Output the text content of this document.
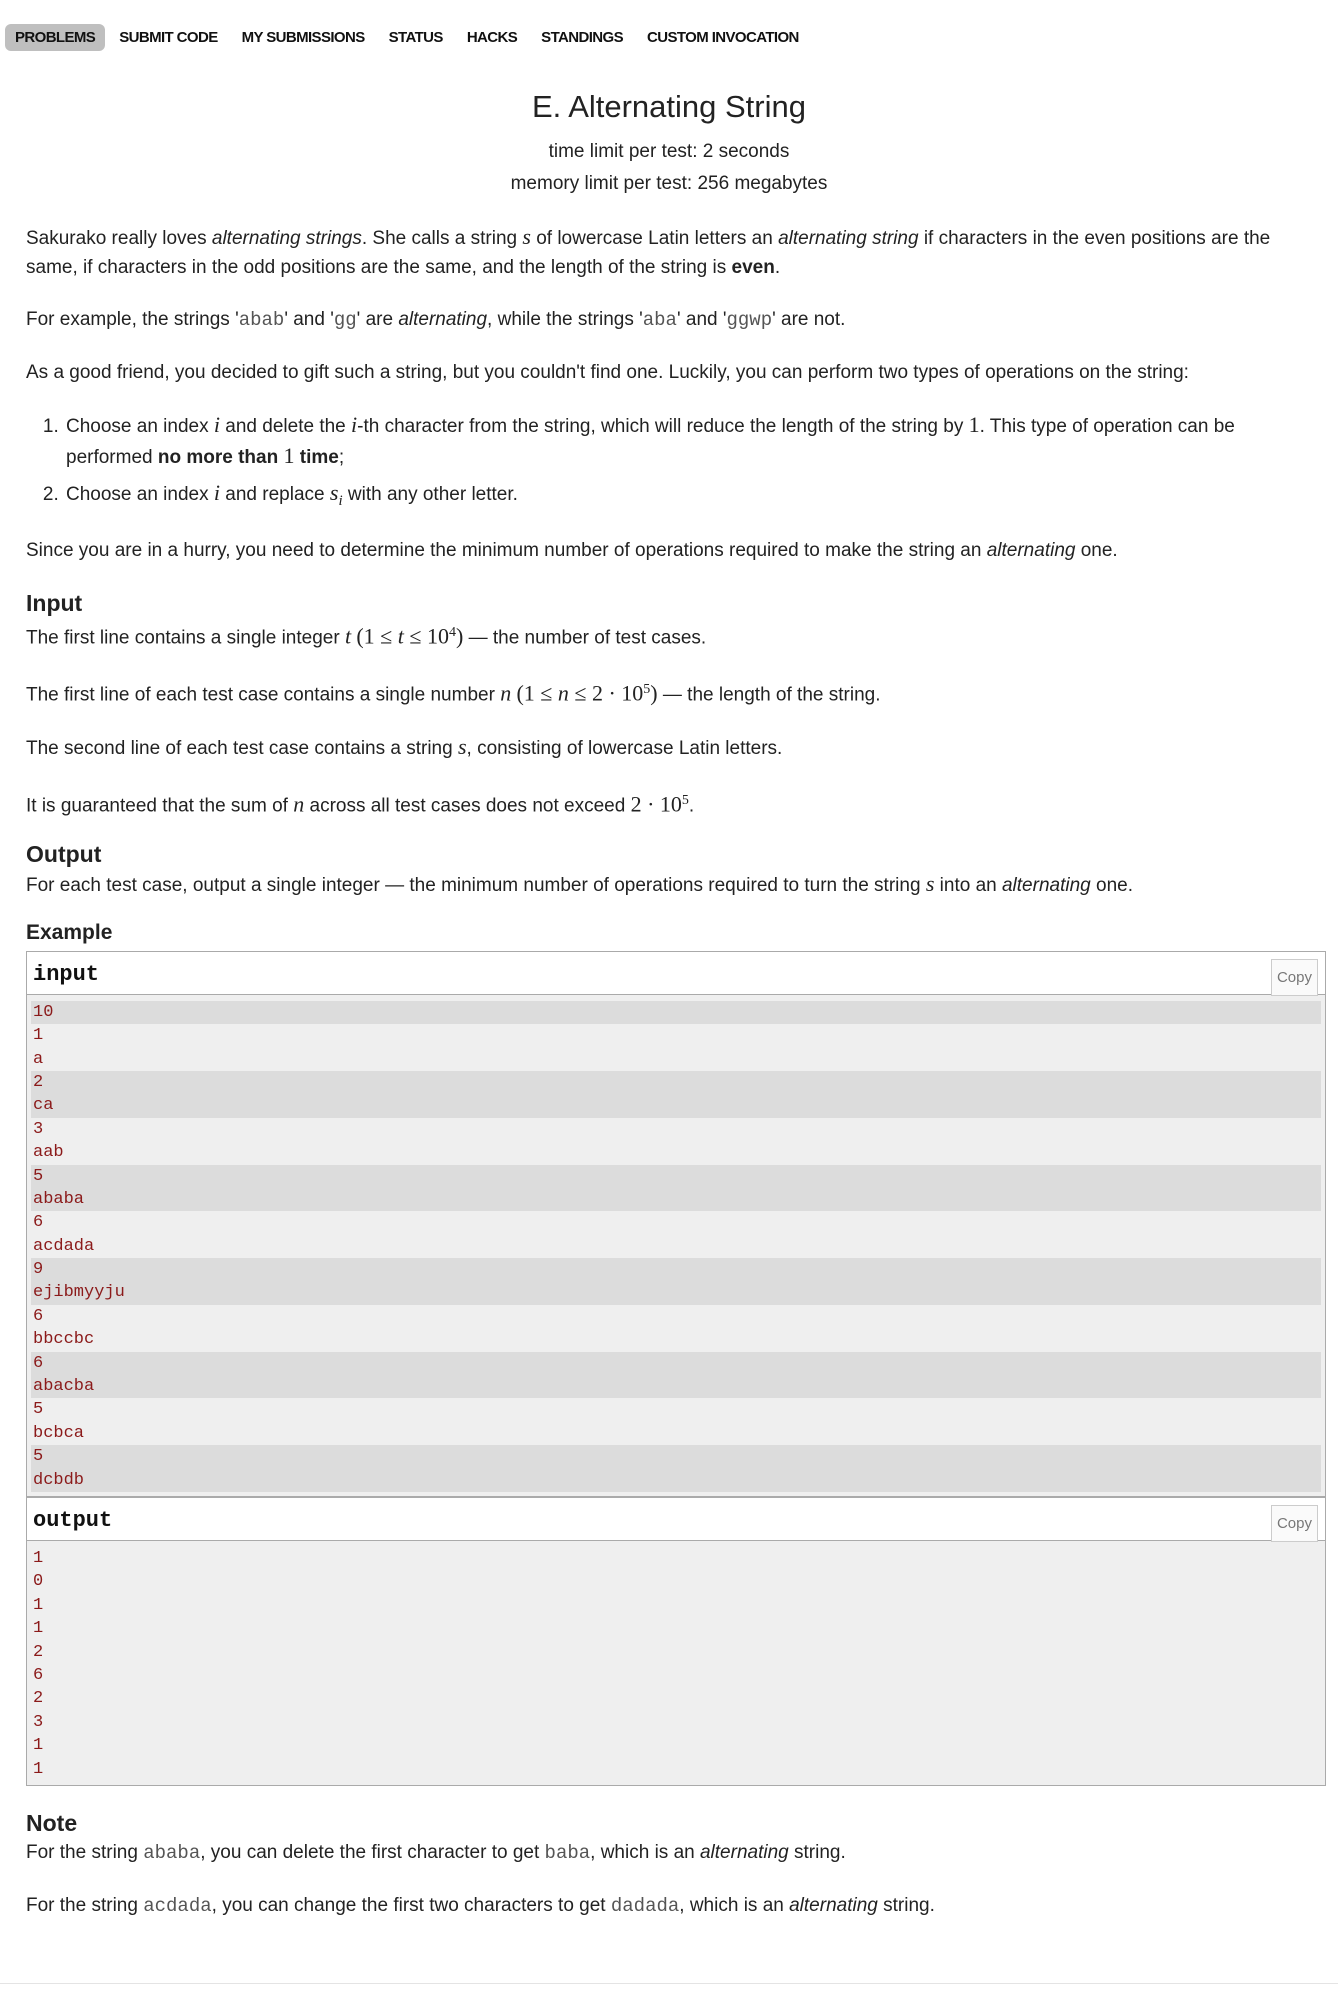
PROBLEMS	SUBMIT CODE	MY SUBMISSIONS	STATUS	HACKS	STANDINGS	CUSTOM INVOCATION
E. Alternating String
time limit per test: 2 seconds
memory limit per test: 256 megabytes

Sakurako really loves alternating strings. She calls a string s of lowercase Latin letters an alternating string if characters in the even positions are the same, if characters in the odd positions are the same, and the length of the string is even.

For example, the strings 'abab' and 'gg' are alternating, while the strings 'aba' and 'ggwp' are not.

As a good friend, you decided to gift such a string, but you couldn't find one. Luckily, you can perform two types of operations on the string:

1. Choose an index i and delete the i-th character from the string, which will reduce the length of the string by 1. This type of operation can be performed no more than 1 time;
2. Choose an index i and replace $s_i$ with any other letter.

Since you are in a hurry, you need to determine the minimum number of operations required to make the string an alternating one.

Input

The first line contains a single integer t $(1 \le t \le 10^4)$ — the number of test cases.

The first line of each test case contains a single number n $(1 \le n \le 2 \cdot 10^5)$ — the length of the string.

The second line of each test case contains a string s, consisting of lowercase Latin letters.

It is guaranteed that the sum of n across all test cases does not exceed $2 \cdot 10^5$.

Output

For each test case, output a single integer — the minimum number of operations required to turn the string s into an alternating one.

Example
input	Copy
10
1
a
2
ca
3
aab
5
ababa
6
acdada
9
ejibmyyju
6
bbccbc
6
abacba
5
bcbca
5
dcbdb
output	Copy
1
0
1
1
2
6
2
3
1
1
Note

For the string ababa, you can delete the first character to get baba, which is an alternating string.

For the string acdada, you can change the first two characters to get dadada, which is an alternating string.
